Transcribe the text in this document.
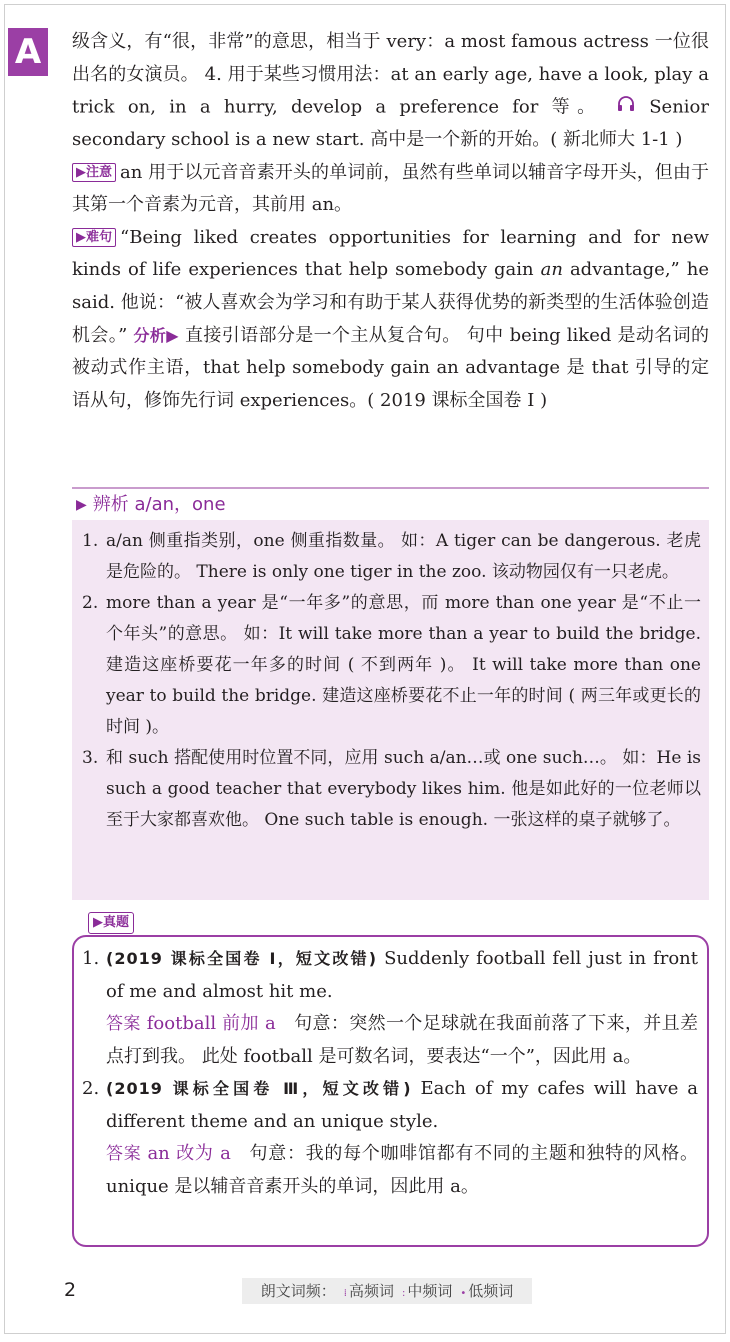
A	级含义，有“很，非常”的意思，相当于 very：a most famous actress 一位很出名的女演员。 4. 用于某些习惯用法：at an early age, have a look, play a trick on, in a hurry, develop a preference for 等。	Senior secondary school is a new start. 高中是一个新的开始。( 新北师大 1-1 )

▶注意 an 用于以元音音素开头的单词前，虽然有些单词以辅音字母开头，但由于其第一个音素为元音，其前用 an。

▶难句 “Being liked creates opportunities for learning and for new kinds of life experiences that help somebody gain an advantage,” he said. 他说：“被人喜欢会为学习和有助于某人获得优势的新类型的生活体验创造机会。” 分析▶ 直接引语部分是一个主从复合句。 句中 being liked 是动名词的被动式作主语，that help somebody gain an advantage 是 that 引导的定语从句，修饰先行词 experiences。( 2019 课标全国卷 Ⅰ )

▶ 辨析 a/an，one
1. a/an 侧重指类别，one 侧重指数量。 如：A tiger can be dangerous. 老虎是危险的。 There is only one tiger in the zoo. 该动物园仅有一只老虎。
2. more than a year 是“一年多”的意思，而 more than one year 是“不止一个年头”的意思。 如：It will take more than a year to build the bridge. 建造这座桥要花一年多的时间 ( 不到两年 )。 It will take more than one year to build the bridge. 建造这座桥要花不止一年的时间 ( 两三年或更长的时间 )。
3. 和 such 搭配使用时位置不同，应用 such a/an…或 one such…。 如：He is such a good teacher that everybody likes him. 他是如此好的一位老师以至于大家都喜欢他。 One such table is enough. 一张这样的桌子就够了。
▶真题
1. (2019 课标全国卷 Ⅰ，短文改错) Suddenly football fell just in front of me and almost hit me.
答案 football 前加 a 句意：突然一个足球就在我面前落了下来，并且差点打到我。 此处 football 是可数名词，要表达“一个”，因此用 a。
2. (2019 课标全国卷 Ⅲ，短文改错) Each of my cafes will have a different theme and an unique style.
答案 an 改为 a 句意：我的每个咖啡馆都有不同的主题和独特的风格。 unique 是以辅音音素开头的单词，因此用 a。
2	朗文词频： ⁞ 高频词 : 中频词 • 低频词
